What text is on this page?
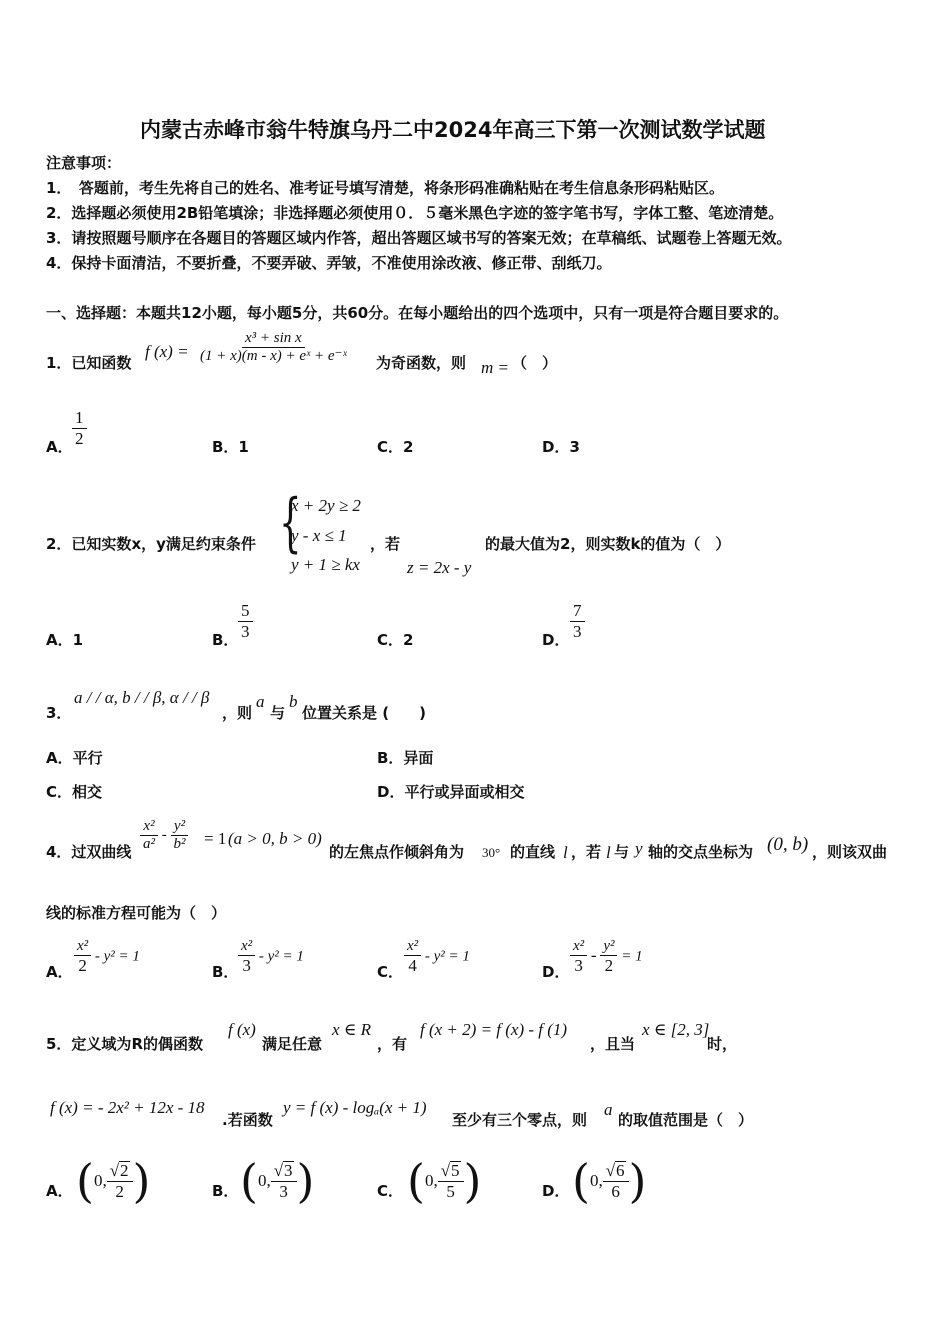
内蒙古赤峰市翁牛特旗乌丹二中2024年高三下第一次测试数学试题
注意事项：
1．　答题前，考生先将自己的姓名、准考证号填写清楚，将条形码准确粘贴在考生信息条形码粘贴区。
2．选择题必须使用2B铅笔填涂；非选择题必须使用０．５毫米黑色字迹的签字笔书写，字体工整、笔迹清楚。
3．请按照题号顺序在各题目的答题区域内作答，超出答题区域书写的答案无效；在草稿纸、试题卷上答题无效。
4．保持卡面清洁，不要折叠，不要弄破、弄皱，不准使用涂改液、修正带、刮纸刀。
一、选择题：本题共12小题，每小题5分，共60分。在每小题给出的四个选项中，只有一项是符合题目要求的。
1．已知函数
f $(x) = \frac{\text{x³ + sin x}}{\text{(1 + x)(m - x) + eˣ + e⁻ˣ}}$ 为奇函数，则 m = （　）
A． $\frac{1}{2}$	B．1	C．2	D．3
2．已知实数x，y满足约束条件 {
x + 2y ≥ 2
y - x ≤ 1
y + 1 ≥ kx
，若
z = 2x - y
的最大值为2，则实数k的值为（　）
A．1	B． $\frac{5}{3}$	C．2	D． $\frac{7}{3}$
3．
a / / α, b / / β, α / / β
，则
a
与
b
位置关系是 (　　)
A．平行	B．异面
C．相交	D．平行或异面或相交
4．过双曲线 $\frac{\text{x²}}{\text{a²}} - \frac{\text{y²}}{\text{b²}} = 1$ (a > 0, b > 0)
的左焦点作倾斜角为 30° 的直线 l ，若 l 与 y 轴的交点坐标为 (0, b) ，则该双曲
线的标准方程可能为（　）
A． $\frac{\text{x²}}{2} - y^2 = 1$
B． $\frac{\text{x²}}{3} - y^2 = 1$
C． $\frac{\text{x²}}{4} - y^2 = 1$
D． $\frac{\text{x²}}{3} - \frac{\text{y²}}{2} = 1$
5．定义域为R的偶函数
f (x)
满足任意
x ∈ R
，有
f (x + 2) = f (x) - f (1)
，且当
x ∈ [2, 3]
时，
f (x) = - 2x² + 12x - 18
.若函数
y = f (x) - logₐ(x + 1)
至少有三个零点，则
a
的取值范围是（　）
A． (0, $\frac{√2}{2}$ )	B． (0, $\frac{√3}{3}$ )	C． (0, $\frac{√5}{5}$ )	D． (0, $\frac{√6}{6}$ )
